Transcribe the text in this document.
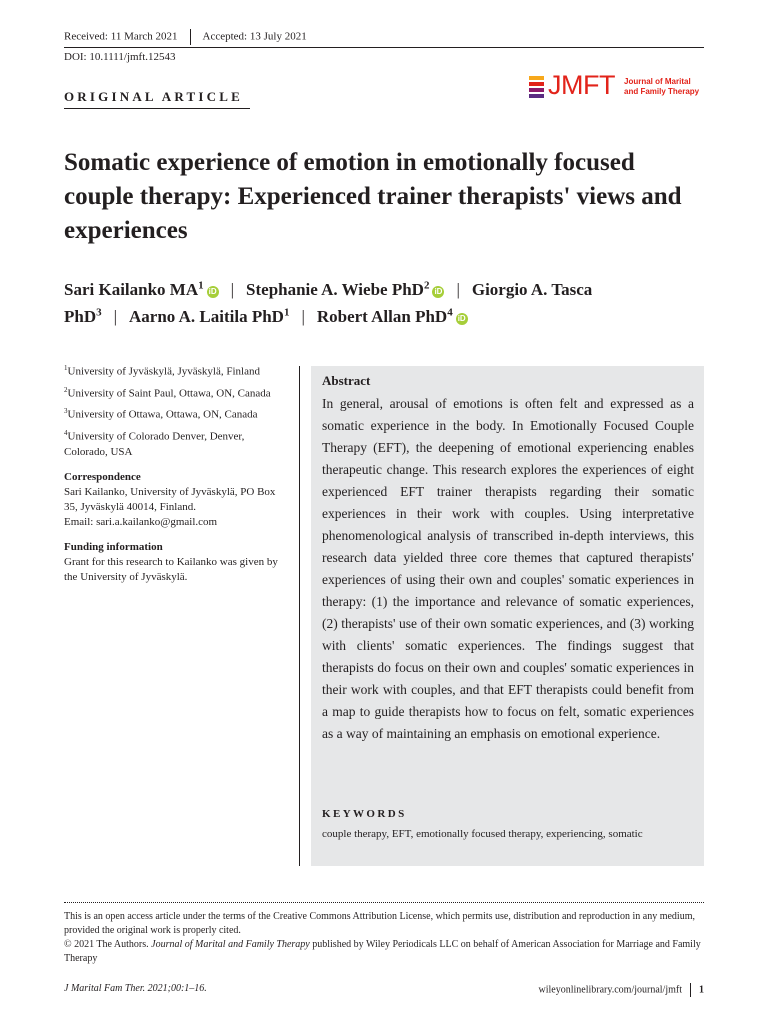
Received: 11 March 2021 Accepted: 13 July 2021
DOI: 10.1111/jmft.12543
ORIGINAL ARTICLE	JMFT Journal of Marital
and Family Therapy
Somatic experience of emotion in emotionally focused couple therapy: Experienced trainer therapists' views and experiences
Sari Kailanko $MA^1iD$ | Stephanie A. Wiebe PhD$^2$iD | Giorgio A. Tasca PhD$^3$ | Aarno A. Laitila PhD$^1$ | Robert Allan PhD$^4$iD
$^1$University of Jyväskylä, Jyväskylä, Finland
$^2$University of Saint Paul, Ottawa, ON, Canada
$^3$University of Ottawa, Ottawa, ON, Canada
$^4$University of Colorado Denver, Denver, Colorado, USA
Correspondence
Sari Kailanko, University of Jyväskylä, PO Box 35, Jyväskylä 40014, Finland.
Email: sari.a.kailanko@gmail.com
Funding information
Grant for this research to Kailanko was given by the University of Jyväskylä.
Abstract
In general, arousal of emotions is often felt and expressed as a somatic experience in the body. In Emotionally Focused Couple Therapy (EFT), the deepening of emotional experiencing enables therapeutic change. This research explores the experiences of eight experienced EFT trainer therapists regarding their somatic experiences in their work with couples. Using interpretative phenomenological analysis of transcribed in-depth interviews, this research data yielded three core themes that captured therapists' experiences of using their own and couples' somatic experiences in therapy: (1) the importance and relevance of somatic experiences, (2) therapists' use of their own somatic experiences, and (3) working with clients' somatic experiences. The findings suggest that therapists do focus on their own and couples' somatic experiences in their work with couples, and that EFT therapists could benefit from a map to guide therapists how to focus on felt, somatic experiences as a way of maintaining an emphasis on emotional experience.
KEYWORDS
couple therapy, EFT, emotionally focused therapy, experiencing, somatic
This is an open access article under the terms of the Creative Commons Attribution License, which permits use, distribution and reproduction in any medium, provided the original work is properly cited.
© 2021 The Authors. Journal of Marital and Family Therapy published by Wiley Periodicals LLC on behalf of American Association for Marriage and Family Therapy
J Marital Fam Ther. 2021;00:1–16.	wileyonlinelibrary.com/journal/jmft 1
